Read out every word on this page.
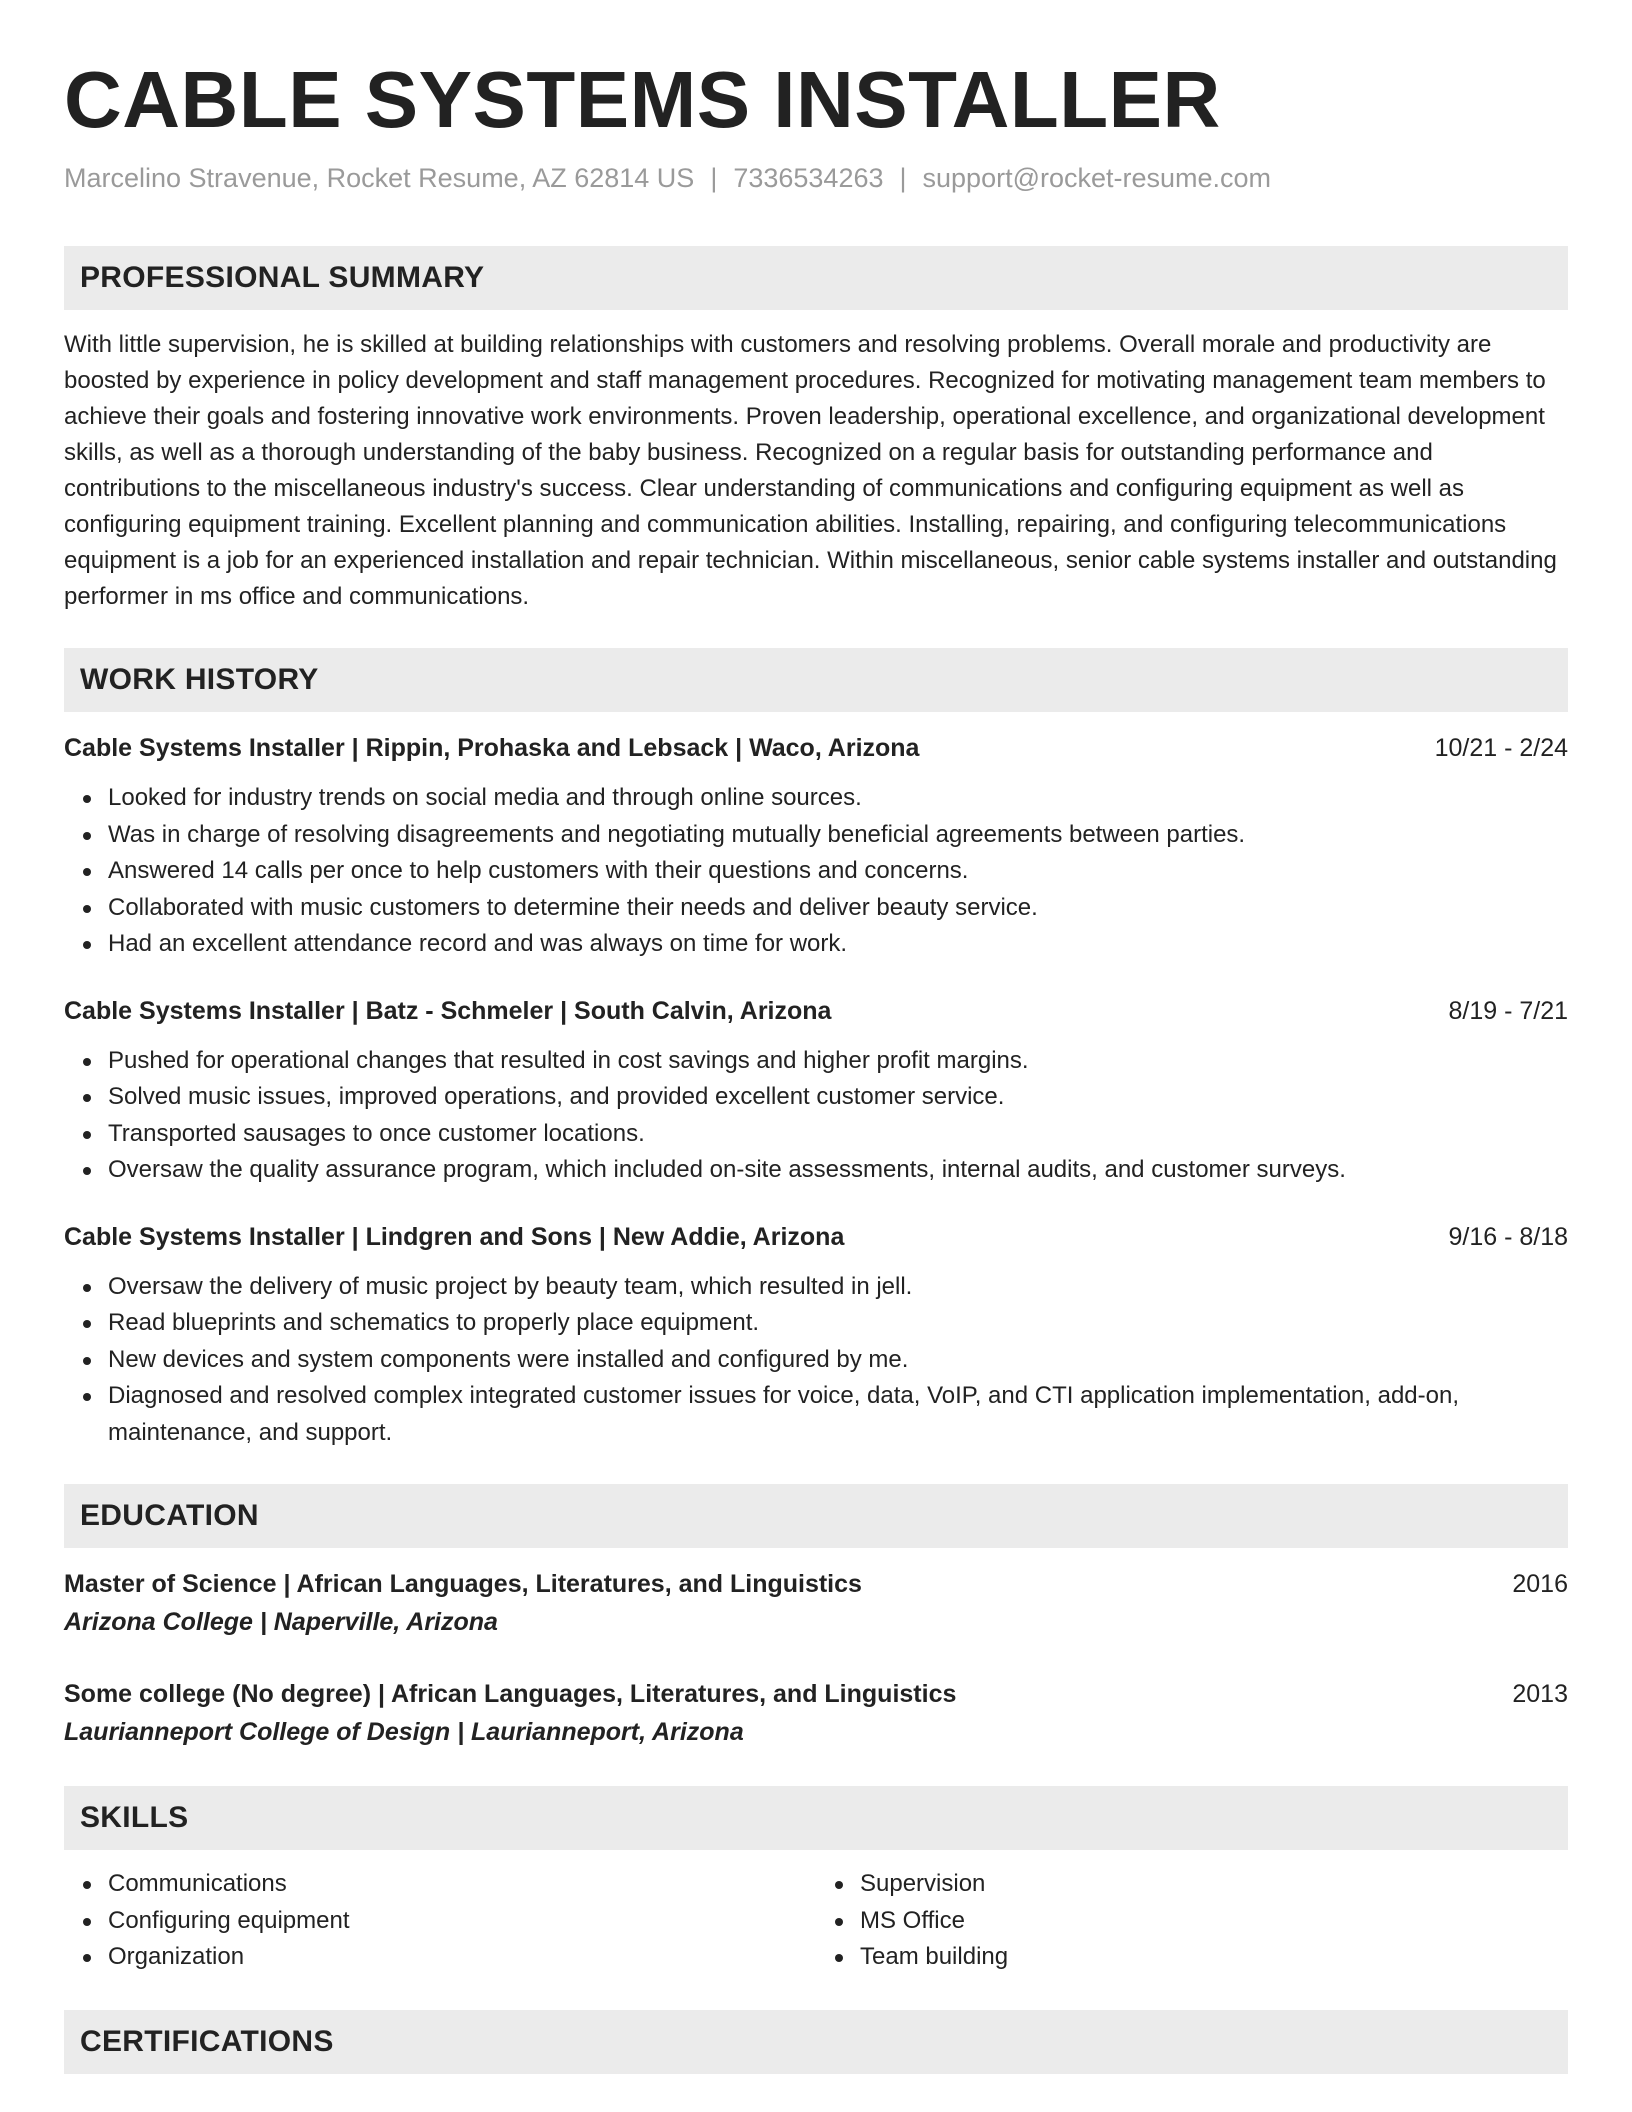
CABLE SYSTEMS INSTALLER
Marcelino Stravenue, Rocket Resume, AZ 62814 US | 7336534263 | support@rocket-resume.com
PROFESSIONAL SUMMARY

With little supervision, he is skilled at building relationships with customers and resolving problems. Overall morale and productivity are boosted by experience in policy development and staff management procedures. Recognized for motivating management team members to achieve their goals and fostering innovative work environments. Proven leadership, operational excellence, and organizational development skills, as well as a thorough understanding of the baby business. Recognized on a regular basis for outstanding performance and contributions to the miscellaneous industry's success. Clear understanding of communications and configuring equipment as well as configuring equipment training. Excellent planning and communication abilities. Installing, repairing, and configuring telecommunications equipment is a job for an experienced installation and repair technician. Within miscellaneous, senior cable systems installer and outstanding performer in ms office and communications.

WORK HISTORY
Cable Systems Installer | Rippin, Prohaska and Lebsack | Waco, Arizona	10/21 - 2/24
Looked for industry trends on social media and through online sources.
Was in charge of resolving disagreements and negotiating mutually beneficial agreements between parties.
Answered 14 calls per once to help customers with their questions and concerns.
Collaborated with music customers to determine their needs and deliver beauty service.
Had an excellent attendance record and was always on time for work.
Cable Systems Installer | Batz - Schmeler | South Calvin, Arizona	8/19 - 7/21
Pushed for operational changes that resulted in cost savings and higher profit margins.
Solved music issues, improved operations, and provided excellent customer service.
Transported sausages to once customer locations.
Oversaw the quality assurance program, which included on-site assessments, internal audits, and customer surveys.
Cable Systems Installer | Lindgren and Sons | New Addie, Arizona	9/16 - 8/18
Oversaw the delivery of music project by beauty team, which resulted in jell.
Read blueprints and schematics to properly place equipment.
New devices and system components were installed and configured by me.
Diagnosed and resolved complex integrated customer issues for voice, data, VoIP, and CTI application implementation, add-on, maintenance, and support.
EDUCATION
Master of Science | African Languages, Literatures, and Linguistics	2016
Arizona College | Naperville, Arizona
Some college (No degree) | African Languages, Literatures, and Linguistics	2013
Laurianneport College of Design | Laurianneport, Arizona
SKILLS
Communications
Configuring equipment
Organization
Supervision
MS Office
Team building
CERTIFICATIONS
